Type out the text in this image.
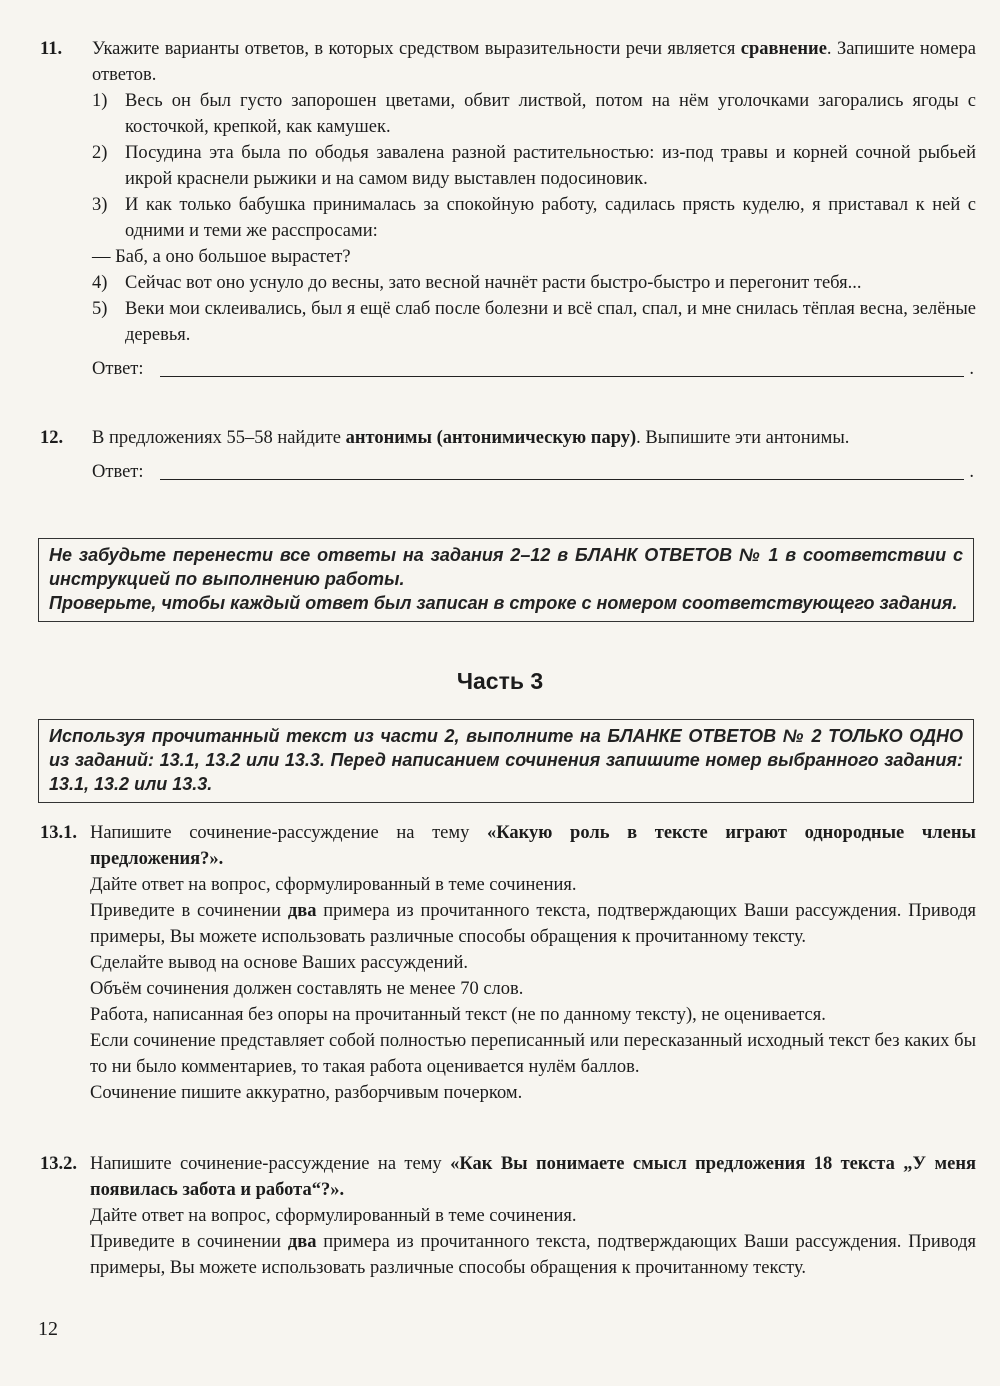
11. Укажите варианты ответов, в которых средством выразительности речи является сравнение. Запишите номера ответов.

1) Весь он был густо запорошен цветами, обвит листвой, потом на нём уголочками загорались ягоды с косточкой, крепкой, как камушек.
2) Посудина эта была по ободья завалена разной растительностью: из-под травы и корней сочной рыбьей икрой краснели рыжики и на самом виду выставлен подосиновик.
3) И как только бабушка принималась за спокойную работу, садилась прясть куделю, я приставал к ней с одними и теми же расспросами:
— Баб, а оно большое вырастет?
4) Сейчас вот оно уснуло до весны, зато весной начнёт расти быстро-быстро и перегонит тебя...
5) Веки мои склеивались, был я ещё слаб после болезни и всё спал, спал, и мне снилась тёплая весна, зелёные деревья.
Ответ:	.
12. В предложениях 55–58 найдите антонимы (антонимическую пару). Выпишите эти антонимы.

Ответ:	.

Не забудьте перенести все ответы на задания 2–12 в БЛАНК ОТВЕТОВ № 1 в соответствии с инструкцией по выполнению работы.

Проверьте, чтобы каждый ответ был записан в строке с номером соответствующего задания.

Часть 3

Используя прочитанный текст из части 2, выполните на БЛАНКЕ ОТВЕТОВ № 2 ТОЛЬКО ОДНО из заданий: 13.1, 13.2 или 13.3. Перед написанием сочинения запишите номер выбранного задания: 13.1, 13.2 или 13.3.

13.1. Напишите сочинение-рассуждение на тему «Какую роль в тексте играют однородные члены предложения?».

Дайте ответ на вопрос, сформулированный в теме сочинения.

Приведите в сочинении два примера из прочитанного текста, подтверждающих Ваши рассуждения. Приводя примеры, Вы можете использовать различные способы обращения к прочитанному тексту.

Сделайте вывод на основе Ваших рассуждений.

Объём сочинения должен составлять не менее 70 слов.

Работа, написанная без опоры на прочитанный текст (не по данному тексту), не оценивается.

Если сочинение представляет собой полностью переписанный или пересказанный исходный текст без каких бы то ни было комментариев, то такая работа оценивается нулём баллов.

Сочинение пишите аккуратно, разборчивым почерком.

13.2. Напишите сочинение-рассуждение на тему «Как Вы понимаете смысл предложения 18 текста „У меня появилась забота и работа“?».

Дайте ответ на вопрос, сформулированный в теме сочинения.

Приведите в сочинении два примера из прочитанного текста, подтверждающих Ваши рассуждения. Приводя примеры, Вы можете использовать различные способы обращения к прочитанному тексту.

12
